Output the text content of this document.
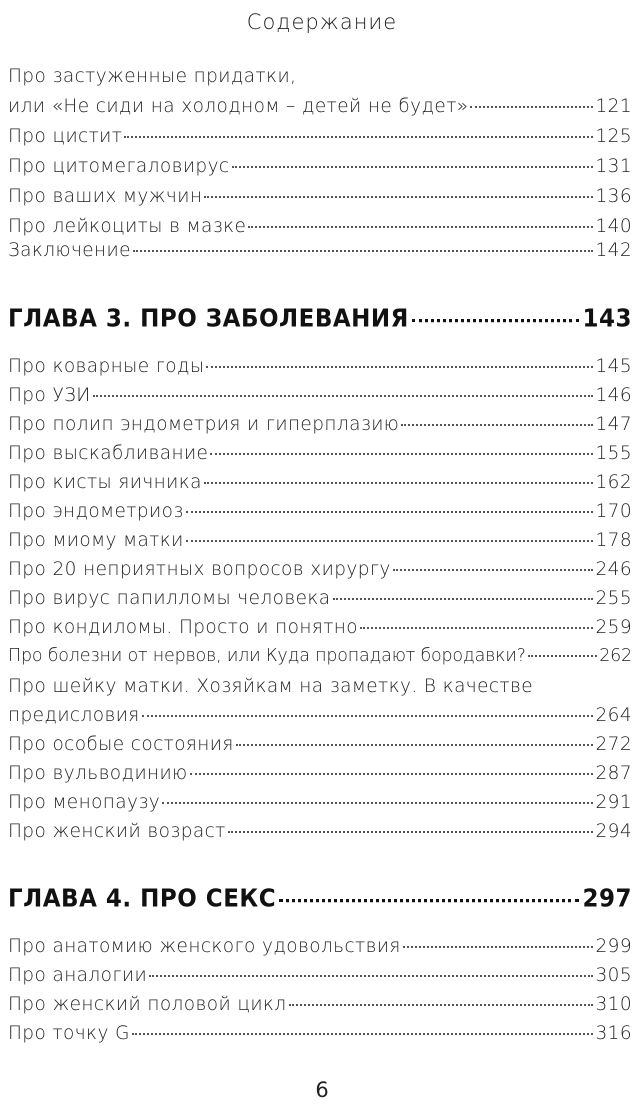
Содержание
Про застуженные придатки,
или «Не сиди на холодном – детей не будет»	121
Про цистит	125
Про цитомегаловирус	131
Про ваших мужчин	136
Про лейкоциты в мазке	140
Заключение	142
ГЛАВА 3. ПРО ЗАБОЛЕВАНИЯ	143
Про коварные годы	145
Про УЗИ	146
Про полип эндометрия и гиперплазию	147
Про выскабливание	155
Про кисты яичника	162
Про эндометриоз	170
Про миому матки	178
Про 20 неприятных вопросов хирургу	246
Про вирус папилломы человека	255
Про кондиломы. Просто и понятно	259
Про болезни от нервов, или Куда пропадают бородавки?	262
Про шейку матки. Хозяйкам на заметку. В качестве
предисловия	264
Про особые состояния	272
Про вульводинию	287
Про менопаузу	291
Про женский возраст	294
ГЛАВА 4. ПРО СЕКС	297
Про анатомию женского удовольствия	299
Про аналогии	305
Про женский половой цикл	310
Про точку G	316
6
